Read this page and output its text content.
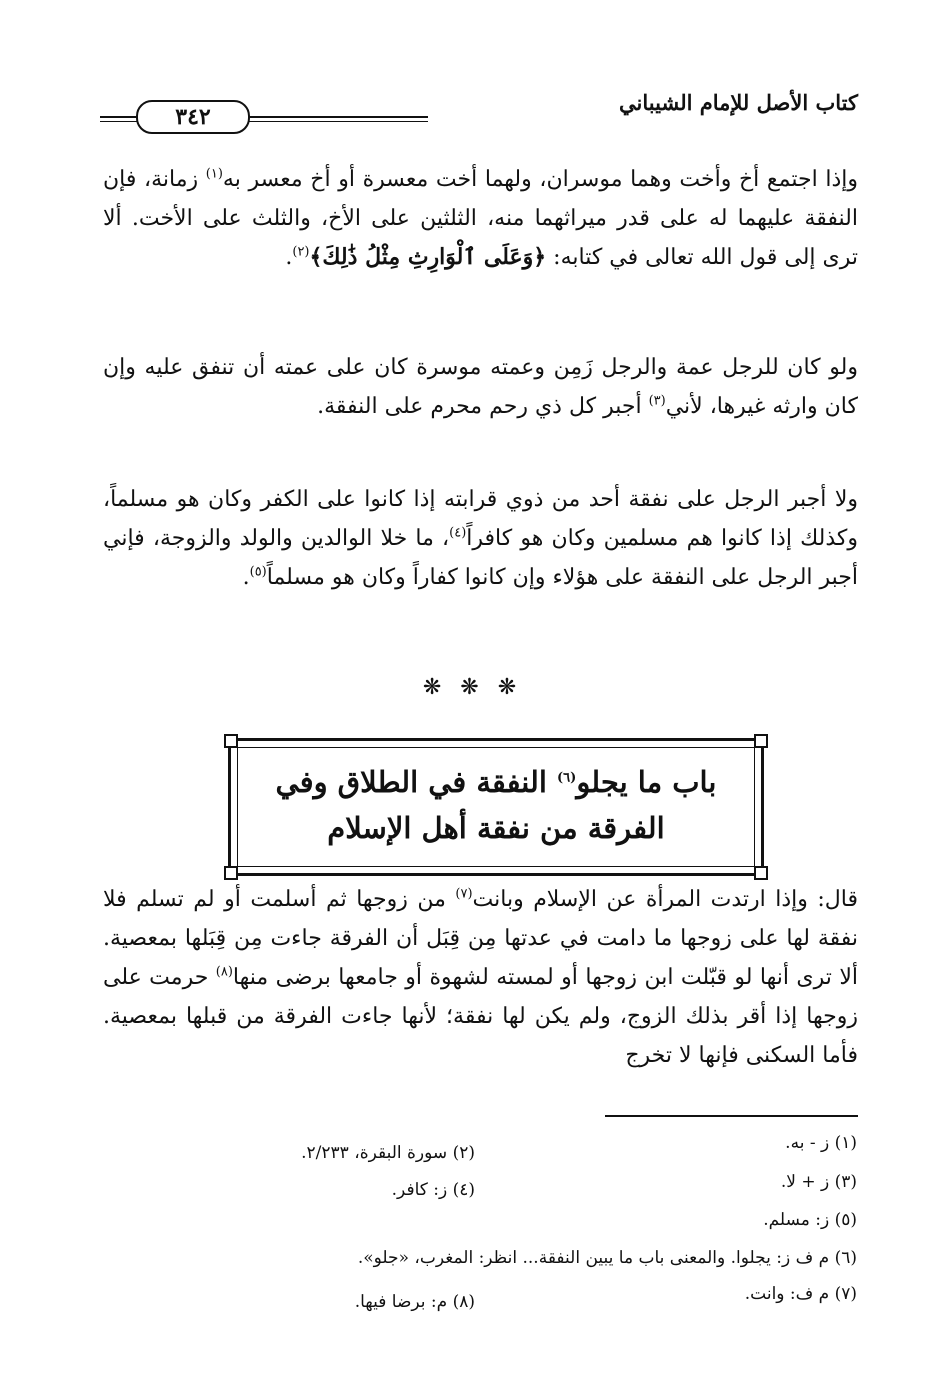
٣٤٢
كتاب الأصل للإمام الشيباني
وإذا اجتمع أخ وأخت وهما موسران، ولهما أخت معسرة أو أخ معسر به$^{(١)}$ زمانة، فإن النفقة عليهما له على قدر ميراثهما منه، الثلثين على الأخ، والثلث على الأخت. ألا ترى إلى قول الله تعالى في كتابه: ﴿وَعَلَى ٱلْوَارِثِ مِثْلُ ذَٰلِكَ﴾$^{(٢)}$.
ولو كان للرجل عمة والرجل زَمِن وعمته موسرة كان على عمته أن تنفق عليه وإن كان وارثه غيرها، لأني$^{(٣)}$ أجبر كل ذي رحم محرم على النفقة.
ولا أجبر الرجل على نفقة أحد من ذوي قرابته إذا كانوا على الكفر وكان هو مسلماً، وكذلك إذا كانوا هم مسلمين وكان هو كافراً$^{(٤)}$، ما خلا الوالدين والولد والزوجة، فإني أجبر الرجل على النفقة على هؤلاء وإن كانوا كفاراً وكان هو مسلماً$^{(٥)}$.
❋ ❋ ❋
باب ما يجلو$^{(٦)}$ النفقة في الطلاق وفي الفرقة من نفقة أهل الإسلام
قال: وإذا ارتدت المرأة عن الإسلام وبانت$^{(٧)}$ من زوجها ثم أسلمت أو لم تسلم فلا نفقة لها على زوجها ما دامت في عدتها مِن قِبَل أن الفرقة جاءت مِن قِبَلها بمعصية. ألا ترى أنها لو قبّلت ابن زوجها أو لمسته لشهوة أو جامعها برضى منها$^{(٨)}$ حرمت على زوجها إذا أقر بذلك الزوج، ولم يكن لها نفقة؛ لأنها جاءت الفرقة من قبلها بمعصية. فأما السكنى فإنها لا تخرج
(١) ز - به.
(٢) سورة البقرة، ٢/٢٣٣.
(٣) ز + لا.
(٤) ز: كافر.
(٥) ز: مسلم.
(٦) م ف ز: يجلوا. والمعنى باب ما يبين النفقة... انظر: المغرب، «جلو».
(٧) م ف: وانت.
(٨) م: برضا فيها.
